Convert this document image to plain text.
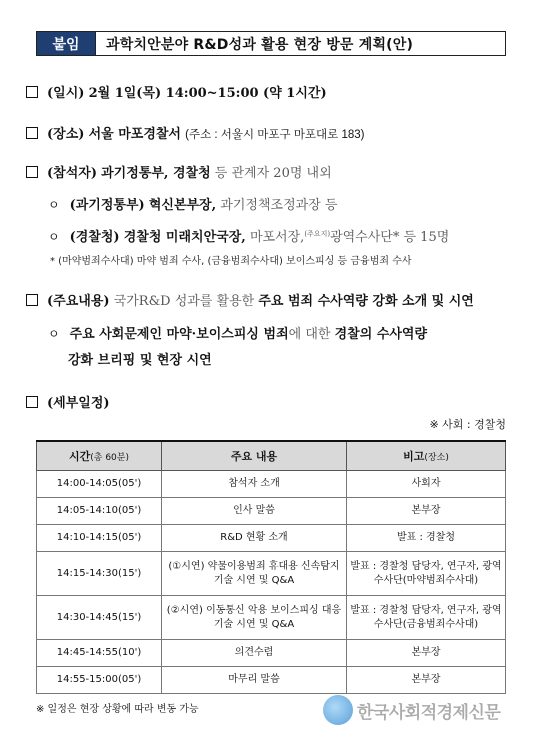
붙임	과학치안분야 R&D성과 활용 현장 방문 계획(안)
(일시) 2월 1일(목) 14:00~15:00 (약 1시간)
(장소) 서울 마포경찰서 (주소 : 서울시 마포구 마포대로 183)
(참석자) 과기정통부, 경찰청 등 관계자 20명 내외
ㅇ (과기정통부) 혁신본부장, 과기정책조정과장 등
ㅇ (경찰청) 경찰청 미래치안국장, 마포서장,$^{(주요지)}$광역수사단* 등 15명
* (마약범죄수사대) 마약 범죄 수사, (금융범죄수사대) 보이스피싱 등 금융범죄 수사
(주요내용) 국가R&D 성과를 활용한 주요 범죄 수사역량 강화 소개 및 시연
ㅇ 주요 사회문제인 마약·보이스피싱 범죄에 대한 경찰의 수사역량
강화 브리핑 및 현장 시연
(세부일정)
※ 사회 : 경찰청
시간(총 60분)	주요 내용	비고(장소)
14:00-14:05(05')	참석자 소개	사회자
14:05-14:10(05')	인사 말씀	본부장
14:10-14:15(05')	R&D 현황 소개	발표 : 경찰청
14:15-14:30(15')	(①시연) 약물이용범죄 휴대용 신속탐지기술 시연 및 Q&A	발표 : 경찰청 담당자, 연구자, 광역수사단(마약범죄수사대)
14:30-14:45(15')	(②시연) 이동통신 악용 보이스피싱 대응 기술 시연 및 Q&A	발표 : 경찰청 담당자, 연구자, 광역수사단(금융범죄수사대)
14:45-14:55(10')	의견수렴	본부장
14:55-15:00(05')	마무리 말씀	본부장
※ 일정은 현장 상황에 따라 변동 가능	한국사회적경제신문
